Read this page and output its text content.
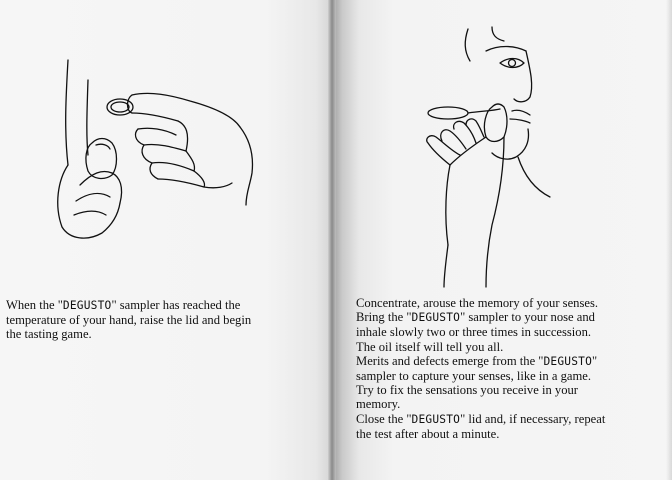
When the "DEGUSTO" sampler has reached the
temperature of your hand, raise the lid and begin
the tasting game.
Concentrate, arouse the memory of your senses.
Bring the "DEGUSTO" sampler to your nose and
inhale slowly two or three times in succession.
The oil itself will tell you all.
Merits and defects emerge from the "DEGUSTO"
sampler to capture your senses, like in a game.
Try to fix the sensations you receive in your
memory.
Close the "DEGUSTO" lid and, if necessary, repeat
the test after about a minute.
